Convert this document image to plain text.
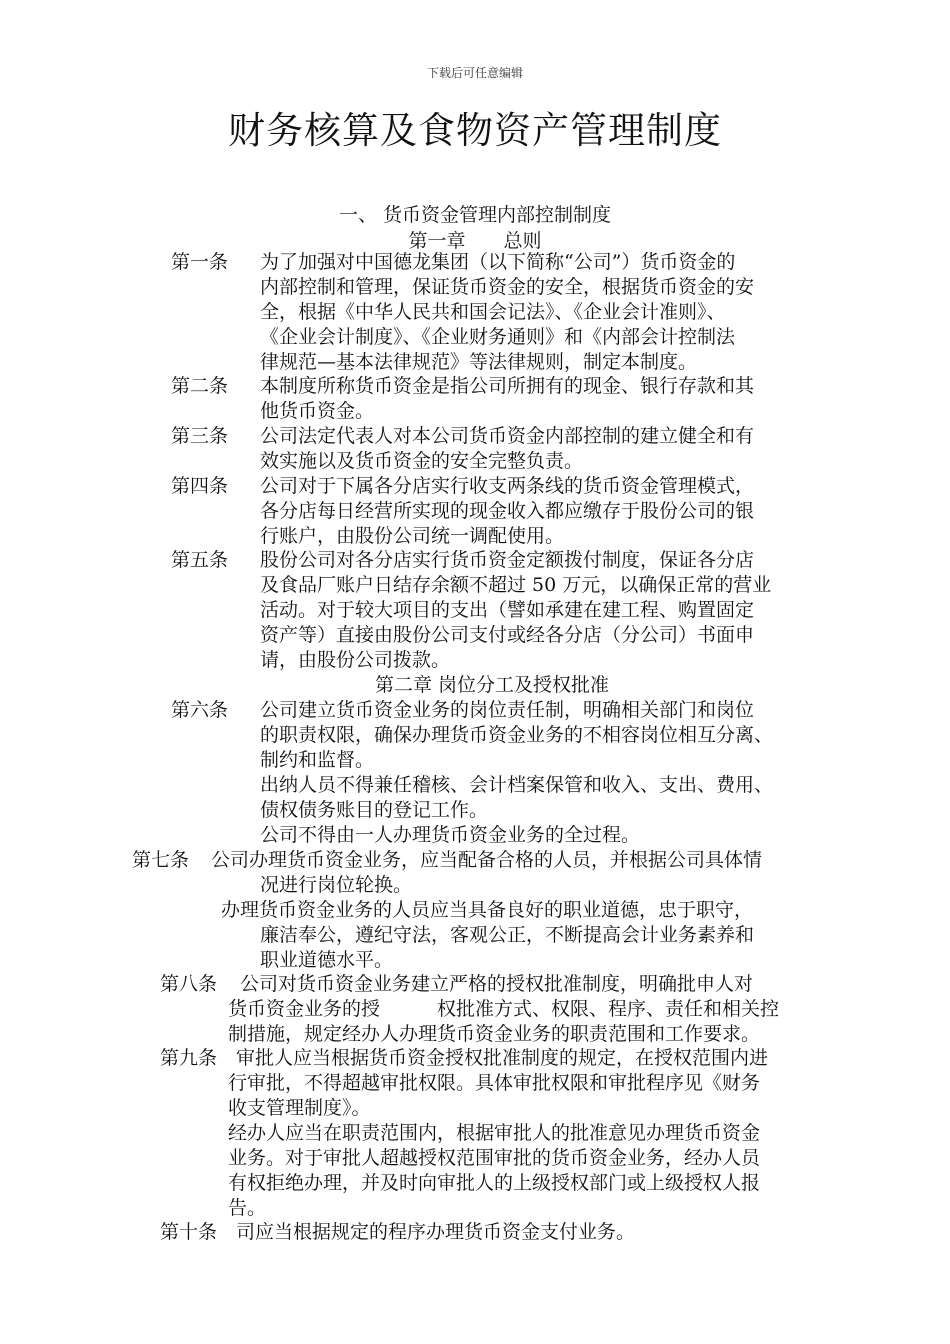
下载后可任意编辑
财务核算及食物资产管理制度
一、 货币资金管理内部控制制度
第一章　　总则
第一条 为了加强对中国德龙集团（以下简称“公司”）货币资金的
内部控制和管理，保证货币资金的安全，根据货币资金的安
全，根据《中华人民共和国会记法》、《企业会计准则》、
《企业会计制度》、《企业财务通则》和《内部会计控制法
律规范—基本法律规范》等法律规则，制定本制度。
第二条 本制度所称货币资金是指公司所拥有的现金、银行存款和其
他货币资金。
第三条 公司法定代表人对本公司货币资金内部控制的建立健全和有
效实施以及货币资金的安全完整负责。
第四条 公司对于下属各分店实行收支两条线的货币资金管理模式，
各分店每日经营所实现的现金收入都应缴存于股份公司的银
行账户，由股份公司统一调配使用。
第五条 股份公司对各分店实行货币资金定额拨付制度，保证各分店
及食品厂账户日结存余额不超过 50 万元，以确保正常的营业
活动。对于较大项目的支出（譬如承建在建工程、购置固定
资产等）直接由股份公司支付或经各分店（分公司）书面申
请，由股份公司拨款。
第二章 岗位分工及授权批准
第六条 公司建立货币资金业务的岗位责任制，明确相关部门和岗位
的职责权限，确保办理货币资金业务的不相容岗位相互分离、
制约和监督。
出纳人员不得兼任稽核、会计档案保管和收入、支出、费用、
债权债务账目的登记工作。
公司不得由一人办理货币资金业务的全过程。
第七条 公司办理货币资金业务，应当配备合格的人员，并根据公司具体情
况进行岗位轮换。
办理货币资金业务的人员应当具备良好的职业道德，忠于职守，
廉洁奉公，遵纪守法，客观公正，不断提高会计业务素养和
职业道德水平。
第八条 公司对货币资金业务建立严格的授权批准制度，明确批申人对
货币资金业务的授　　　权批准方式、权限、程序、责任和相关控
制措施，规定经办人办理货币资金业务的职责范围和工作要求。
第九条 审批人应当根据货币资金授权批准制度的规定，在授权范围内进
行审批，不得超越审批权限。具体审批权限和审批程序见《财务
收支管理制度》。
经办人应当在职责范围内，根据审批人的批准意见办理货币资金
业务。对于审批人超越授权范围审批的货币资金业务，经办人员
有权拒绝办理，并及时向审批人的上级授权部门或上级授权人报
告。
第十条 司应当根据规定的程序办理货币资金支付业务。
